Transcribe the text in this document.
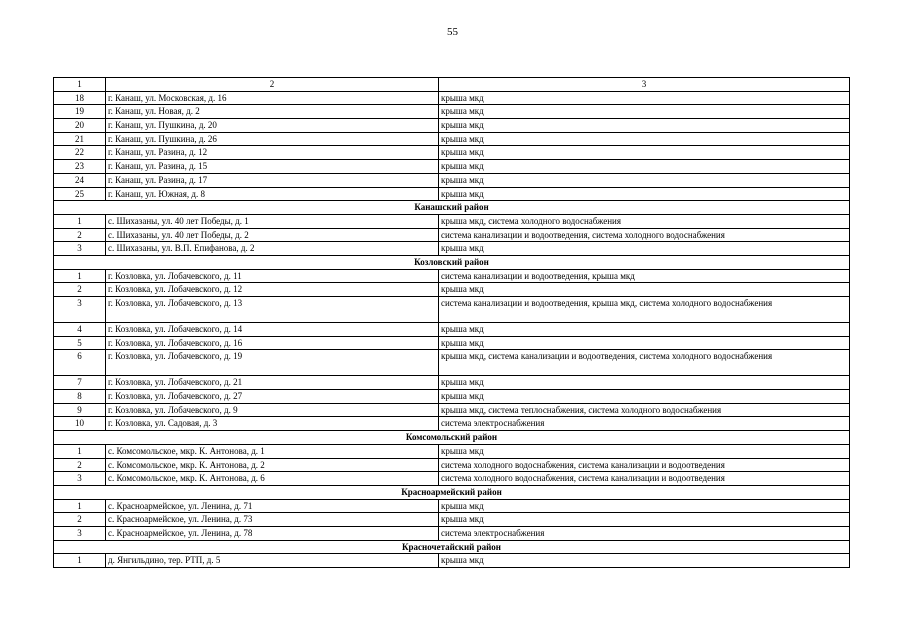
55
1	2	3
18	г. Канаш, ул. Московская, д. 16	крыша мкд
19	г. Канаш, ул. Новая, д. 2	крыша мкд
20	г. Канаш, ул. Пушкина, д. 20	крыша мкд
21	г. Канаш, ул. Пушкина, д. 26	крыша мкд
22	г. Канаш, ул. Разина, д. 12	крыша мкд
23	г. Канаш, ул. Разина, д. 15	крыша мкд
24	г. Канаш, ул. Разина, д. 17	крыша мкд
25	г. Канаш, ул. Южная, д. 8	крыша мкд
Канашский район		
1	с. Шихазаны, ул. 40 лет Победы, д. 1	крыша мкд, система холодного водоснабжения
2	с. Шихазаны, ул. 40 лет Победы, д. 2	система канализации и водоотведения, система холодного водоснабжения
3	с. Шихазаны, ул. В.П. Епифанова, д. 2	крыша мкд
Козловский район		
1	г. Козловка, ул. Лобачевского, д. 11	система канализации и водоотведения, крыша мкд
2	г. Козловка, ул. Лобачевского, д. 12	крыша мкд
3	г. Козловка, ул. Лобачевского, д. 13	система канализации и водоотведения, крыша мкд, система холодного водоснабжения
4	г. Козловка, ул. Лобачевского, д. 14	крыша мкд
5	г. Козловка, ул. Лобачевского, д. 16	крыша мкд
6	г. Козловка, ул. Лобачевского, д. 19	крыша мкд, система канализации и водоотведения, система холодного водоснабжения
7	г. Козловка, ул. Лобачевского, д. 21	крыша мкд
8	г. Козловка, ул. Лобачевского, д. 27	крыша мкд
9	г. Козловка, ул. Лобачевского, д. 9	крыша мкд, система теплоснабжения, система холодного водоснабжения
10	г. Козловка, ул. Садовая, д. 3	система электроснабжения
Комсомольский район		
1	с. Комсомольское, мкр. К. Антонова, д. 1	крыша мкд
2	с. Комсомольское, мкр. К. Антонова, д. 2	система холодного водоснабжения, система канализации и водоотведения
3	с. Комсомольское, мкр. К. Антонова, д. 6	система холодного водоснабжения, система канализации и водоотведения
Красноармейский район		
1	с. Красноармейское, ул. Ленина, д. 71	крыша мкд
2	с. Красноармейское, ул. Ленина, д. 73	крыша мкд
3	с. Красноармейское, ул. Ленина, д. 78	система электроснабжения
Красночетайский район		
1	д. Янгильдино, тер. РТП, д. 5	крыша мкд
